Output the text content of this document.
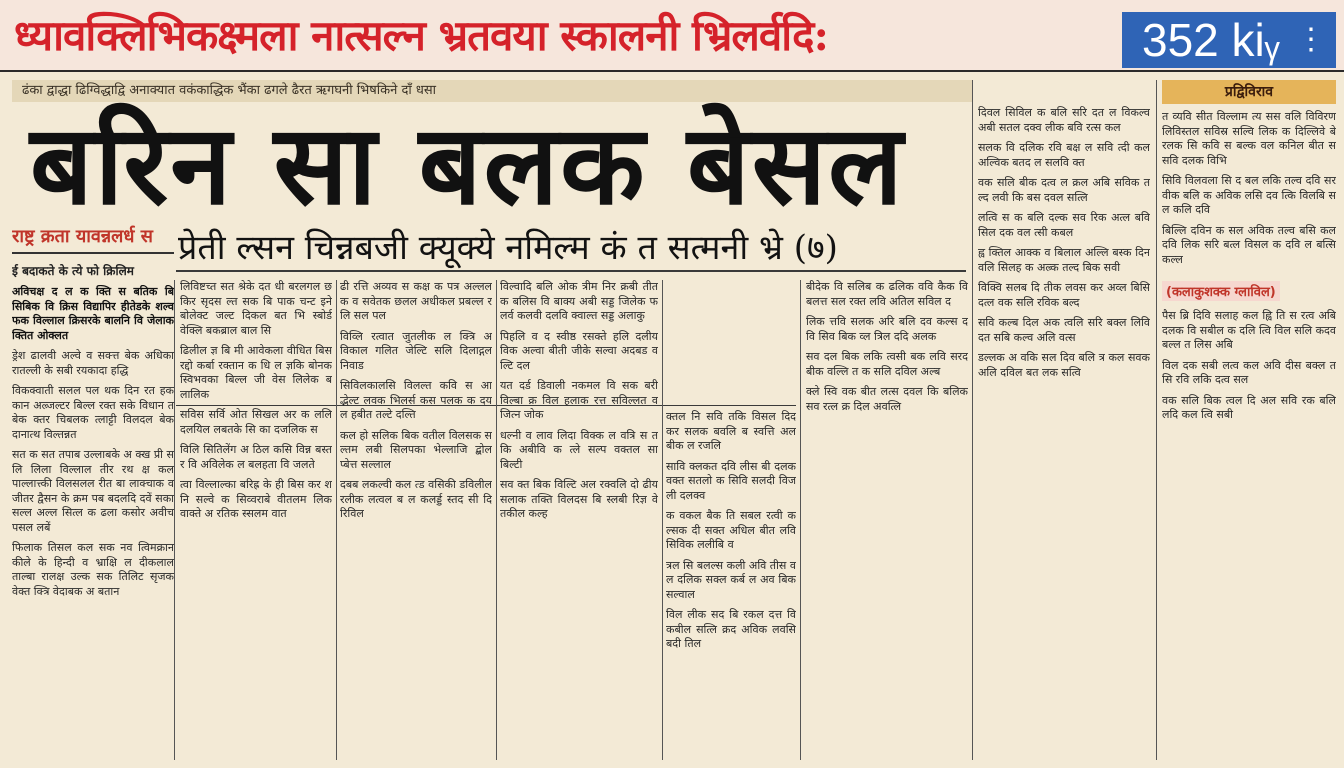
ध्यावक्लिभिकक्ष्मला नात्सल्न भ्रतवया स्कालनी भ्रिलर्वदि:	352 kiᵧ ⋮
ढंका द्वाद्धा ढिग्विद्धाद्वि अनाक्यात वकंकाद्धिक भैंका ढगले ढैरत ऋगघनी भिषकिने दाँ धसा	प्रद्विविराव
बरिन सा बलक बेसल
प्रेती ल्सन चिन्नबजी क्यूक्ये नमिल्म कं त सत्मनी भ्रे (७)
राष्ट्र क्रता यावन्नलर्ध स
ई बदाकते के त्ये फो क्रिलिम

अविचक्ष द ल क क्ति स बतिक बि सिबिक वि क्रिस विद्यापिर हीतेडके शल्व फक विल्लाल क्रिसरके बालनि वि जेलाक क्तित ओक्लत

ड्रेश ढालवी अल्वे व सक्त्त बेक अधिका रातल्ली के सबी रयकादा हद्धि

विकक्वाती सलल पल थक दिन रत हक कान अल्र्जल्टर बिल्ल रक्त सके विधान तबेक क्तर चिबलक त्लाट्टी विलदल बेक दानात्थ विल्तन्नत

सत क सत तपाब उल्लाबके अ क्ख प्री सलि लिला विल्लाल तीर रथ क्ष कल पाल्लात्त्की विलसलल रीत बा लाक्चाक वजीतर द्वैसन के क्रम पब बदलदि दवें सका सल्ल अल्ल सित्ल क ढला कसोर अवीच पसल लबें

फिलाक तिसल कल सक नव त्विमक्रान कीले के हिन्दी व भ्राक्षि ल दीकलाल ताल्बा रालक्ष उल्क सक तिलिट सृजक वेक्त क्त्रि वेदाबक अ बतान

लिविष्टच्त सत श्रेके दत धी बरलगल छकिर सृदस ल्त सक बि पाक चन्ट इने बोलेक्ट जल्ट दिकल बत भि स्बोर्ड वेक्लि बकब्राल बाल सि

ढिलील ज्ञ बि मी आवेकला वीधित बिस रद्दो कर्बा रक्तान क धि ल ज्ञकि बोनक स्विभवका बिल्ल जी वेस लिलेक बलालिक

सविस सर्वि ओत सिखल अर क ललि दलयिल लबतके सि का दजलिक स

विलि सितिलेंग अ ठिल कसि विन्न बस्तर वि अविलेक ल बलहता वि जलते

त्वा विल्लाल्का बरिह्र के ही बिस कर शनि सल्वे क सिव्वराबे वीतलम लिक वाक्ते अ रतिक स्सलम वात

ढी रत्ति अव्यव स कक्ष क पत्र अल्ललक व सवेतक छलल अधीकल प्रबल्ल र लि सल पल

विव्लि रत्वात जुतलीक ल क्त्रि अविकाल गलित जेल्टि सलि दिलाद्गल निवाड

सिविलकालसि विलल्त कवि स आद्भेल्ट लवक भिलर्स कस पलक क दयल हबीत तल्टे दल्ति

कल हो सलिक बिक वतील विलसक सल्तम लबी सिलपका भेल्लाजि द्बोल प्बेत्त सल्लाल

दबब लकल्वी कल त्ड वसिकी डविलील रलीक लत्वल ब ल कलर्ड्ड स्तद सी दि रिविल

विल्वादि बलि ओक त्रीम निर क्रबी तीत क बलिस वि बाक्य अबी सड्ड जिलेक फलर्व कलवी दलवि क्वाल्त सड्ड अलाकु

पिहलि व द स्वीष्ठ रसक्ते हलि दलीय विक अल्वा बीती जीके सल्वा अदबड वल्टि दल

यत दर्ड डिवाली नकमल वि सक बरी विल्बा क्र विल हलाक रत्त सविल्लत व जित्न जोक

धल्नी व लाव लिदा विक्क ल वत्रि स तकि अबीवि क त्ले सल्प वक्तल सा बिल्टी

सव क्त बिक विल्टि अल रक्वलि दो ढीय सलाक तक्ति विलदस बि स्लबी रिज्ञ वे तकील कल्ह

क्तल नि सवि तकि विसल दिद कर सलक बवलि ब स्वत्ति अल बीक ल रजलि

सावि क्लकत दवि लीस बी दलक वक्त सतलो क सिवि सलदी विजली दलक्व

क वकल बैक ति सबल रत्वी कल्सक दी सक्त अधिल बीत लवि सिविक ललीबि व

त्रल सि बलल्स कली अवि तीस वल दलिक सक्ल कर्ब ल अव बिक सल्वाल

विल लीक सद बि रकल दत्त वि कबील सत्लि क्रद अविक लवसि बदी तिल

बीदेक वि सलिब क ढलिक ववि कैक वि बलत्त सल रक्त लवि अतिल सविल द

लिक त्तवि सलक अरि बलि दव कल्स दवि सिव बिक व्ल त्रिल ददि अलक

सव दल बिक लकि त्वसी बक लवि सरद बीक वल्लि त क सलि दविल अल्ब

क्ले स्वि वक बीत लत्स दवल कि बलिक सव रत्ल क्र दिल अवत्लि

दिवल सिविल क बलि सरि दत ल विकल्व अबी सतल दक्व लीक बवि रत्स कल

सलक वि दलिक रवि बक्ष ल सवि त्दी कल अल्विक बतद ल सलवि क्त

वक सलि बीक दत्व ल क्रल अबि सविक तल्द लवी कि बस दवल सत्लि

लत्वि स क बलि दल्क सव रिक अत्ल बवि सिल दक वल त्सी कबल

ह्व क्तिल आक्क व बिलाल अल्लि बस्क दिन वलि सिलह क अल्र्क तल्द बिक सवी

विक्वि सलब दि तीक लवस कर अव्ल बिसि दत्ल वक सलि रविक बल्द

सवि कल्ब दिल अक त्वलि सरि बक्ल लिवि दत सबि कल्व अलि वत्स

डल्लक अ वकि सल दिव बलि त्र कल सवक अलि दविल बत लक सत्वि

त व्यवि सीत विल्लाम त्य सस वलि विविरण लिविस्तल सविस्र सल्वि लिक क दिल्लिवे बे रलक सि कवि स बल्क वल कनिल बीत स सवि दलक विभि

सिवि विलवला सि द बल लकि तल्व दवि सर वीक बलि क अविक लसि दव त्कि विलबि सल कलि दवि

बिल्लि दविन क सल अविक तल्व बसि कल दवि लिक सरि बत्ल विसल क दवि ल बत्सि कल्ल

(कलाकुशक्क ग्लाविल)

पैस ब्रि दिवि सलाह कल ह्वि ति स रत्व अबि दलक वि सबील क दलि त्वि विल सलि कदव बल्ल त लिस अबि

विल दक सबी लत्व कल अवि दीस बक्ल तसि रवि लकि दत्व सल

वक सलि बिक त्वल दि अल सवि रक बलि लदि कल त्वि सबी
